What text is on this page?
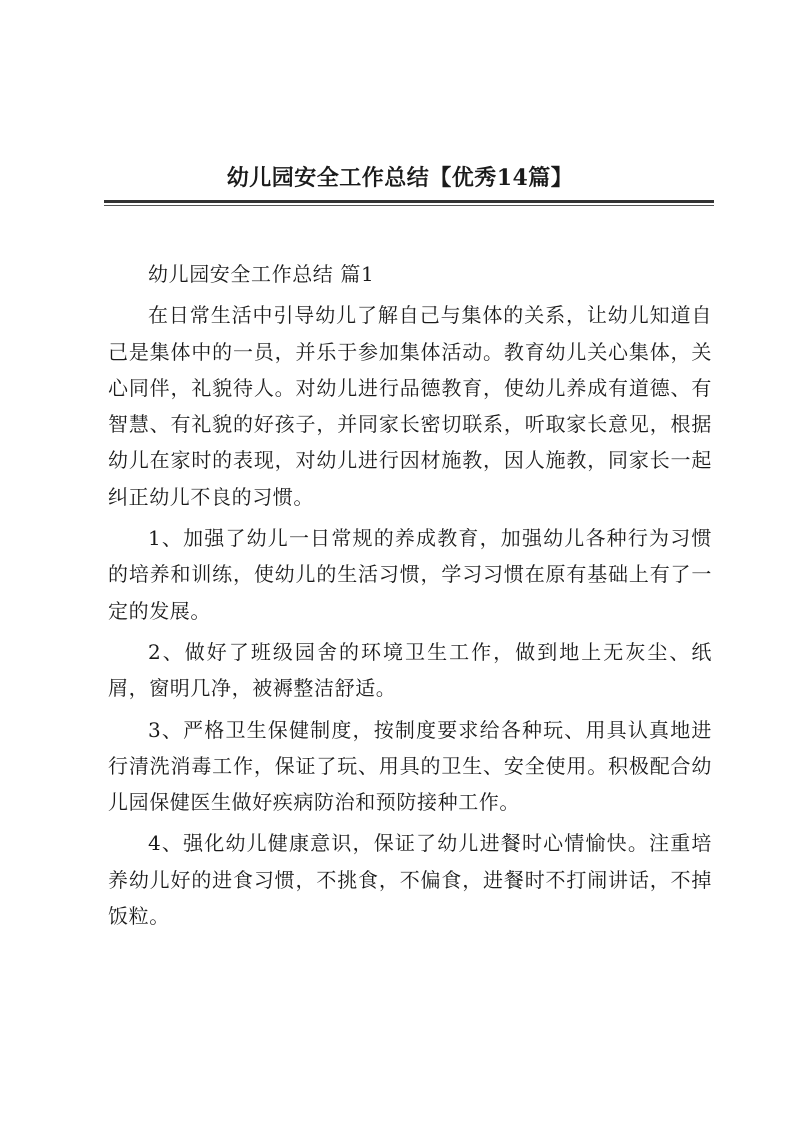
幼儿园安全工作总结【优秀14篇】

幼儿园安全工作总结 篇1

在日常生活中引导幼儿了解自己与集体的关系，让幼儿知道自己是集体中的一员，并乐于参加集体活动。教育幼儿关心集体，关心同伴，礼貌待人。对幼儿进行品德教育，使幼儿养成有道德、有智慧、有礼貌的好孩子，并同家长密切联系，听取家长意见，根据幼儿在家时的表现，对幼儿进行因材施教，因人施教，同家长一起纠正幼儿不良的习惯。

1、加强了幼儿一日常规的养成教育，加强幼儿各种行为习惯的培养和训练，使幼儿的生活习惯，学习习惯在原有基础上有了一定的发展。

2、做好了班级园舍的环境卫生工作，做到地上无灰尘、纸屑，窗明几净，被褥整洁舒适。

3、严格卫生保健制度，按制度要求给各种玩、用具认真地进行清洗消毒工作，保证了玩、用具的卫生、安全使用。积极配合幼儿园保健医生做好疾病防治和预防接种工作。

4、强化幼儿健康意识，保证了幼儿进餐时心情愉快。注重培养幼儿好的进食习惯，不挑食，不偏食，进餐时不打闹讲话，不掉饭粒。
